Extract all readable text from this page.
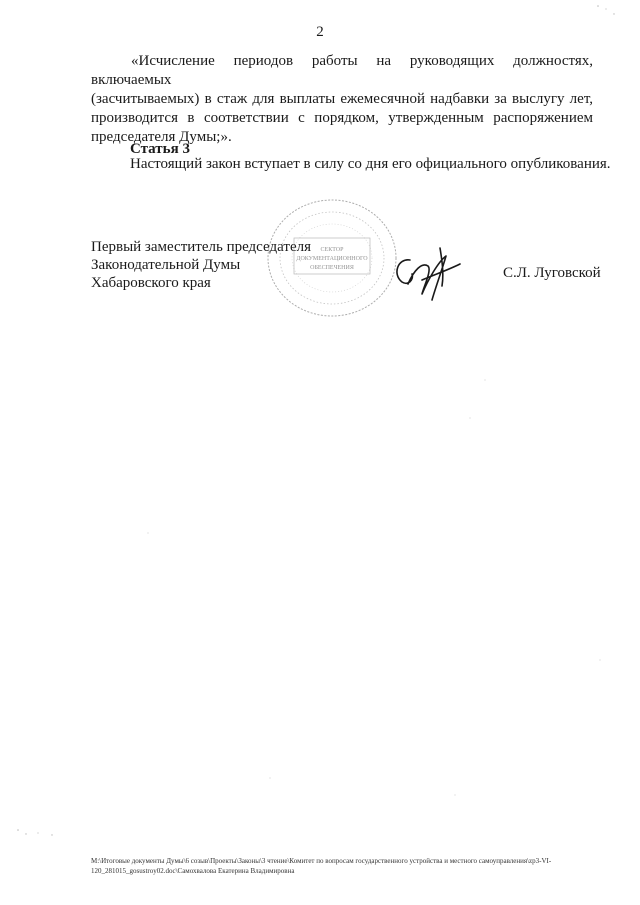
2
«Исчисление периодов работы на руководящих должностях, включаемых
(засчитываемых) в стаж для выплаты ежемесячной надбавки за выслугу лет,
производится в соответствии с порядком, утвержденным распоряжением
председателя Думы;».
Статья 3
Настоящий закон вступает в силу со дня его официального опубликования.
Первый заместитель председателя
Законодательной Думы
Хабаровского края
СЕКТОР
ДОКУМЕНТАЦИОННОГО
ОБЕСПЕЧЕНИЯ	С.Л. Луговской
M:\Итоговые документы Думы\6 созыв\Проекты\Законы\3 чтение\Комитет по вопросам государственного устройства и местного самоуправления\zp3-VI-
120_281015_gosustroy02.doc\Самохвалова Екатерина Владимировна
